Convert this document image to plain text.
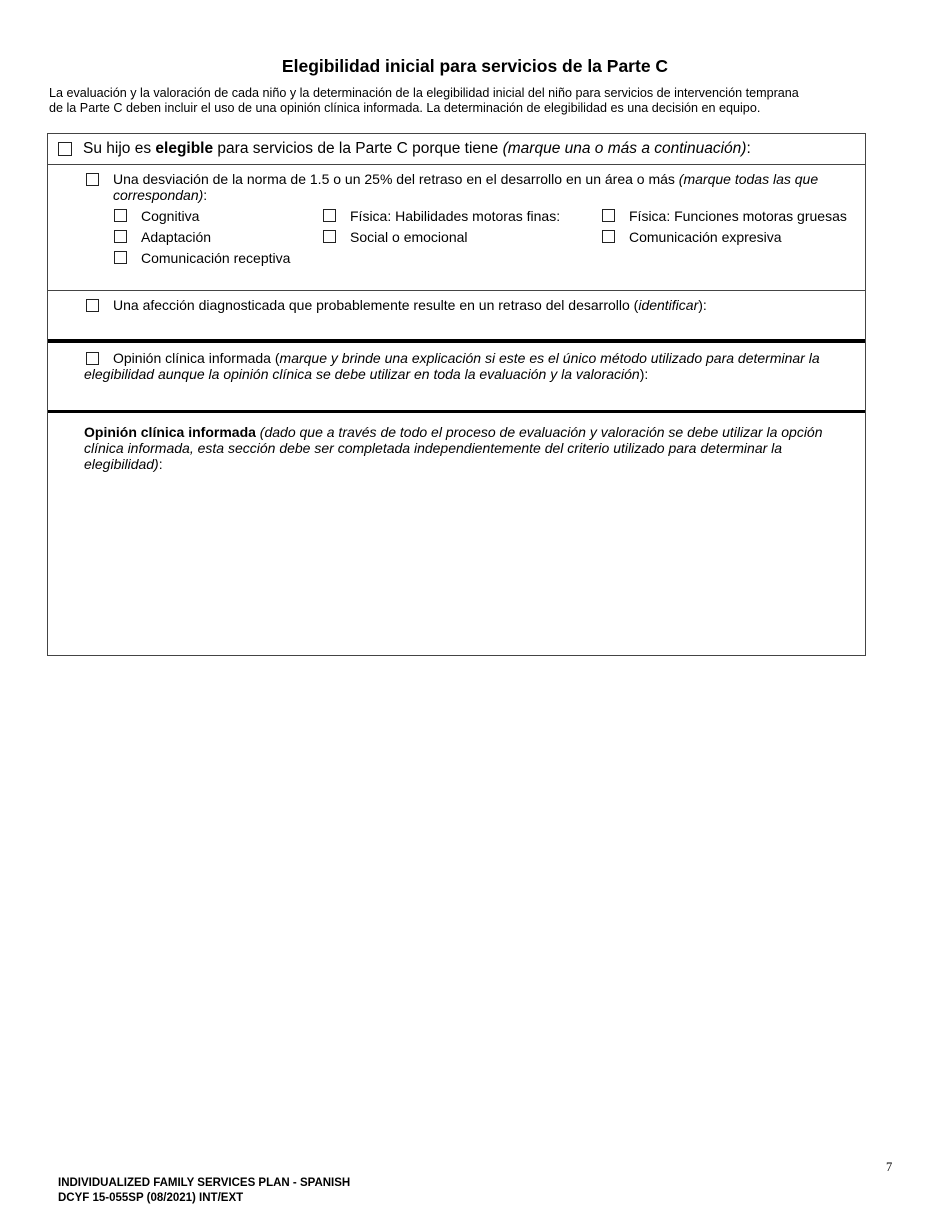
Elegibilidad inicial para servicios de la Parte C

La evaluación y la valoración de cada niño y la determinación de la elegibilidad inicial del niño para servicios de intervención temprana
de la Parte C deben incluir el uso de una opinión clínica informada. La determinación de elegibilidad es una decisión en equipo.

Su hijo es elegible para servicios de la Parte C porque tiene (marque una o más a continuación):
Una desviación de la norma de 1.5 o un 25% del retraso en el desarrollo en un área o más (marque todas las que correspondan):
Cognitiva
Adaptación
Comunicación receptiva
Física: Habilidades motoras finas:
Social o emocional
Física: Funciones motoras gruesas
Comunicación expresiva
Una afección diagnosticada que probablemente resulte en un retraso del desarrollo (identificar):
Opinión clínica informada (marque y brinde una explicación si este es el único método utilizado para determinar la elegibilidad aunque la opinión clínica se debe utilizar en toda la evaluación y la valoración):
Opinión clínica informada (dado que a través de todo el proceso de evaluación y valoración se debe utilizar la opción clínica informada, esta sección debe ser completada independientemente del criterio utilizado para determinar la elegibilidad):
7
INDIVIDUALIZED FAMILY SERVICES PLAN - SPANISH
DCYF 15-055SP (08/2021) INT/EXT
